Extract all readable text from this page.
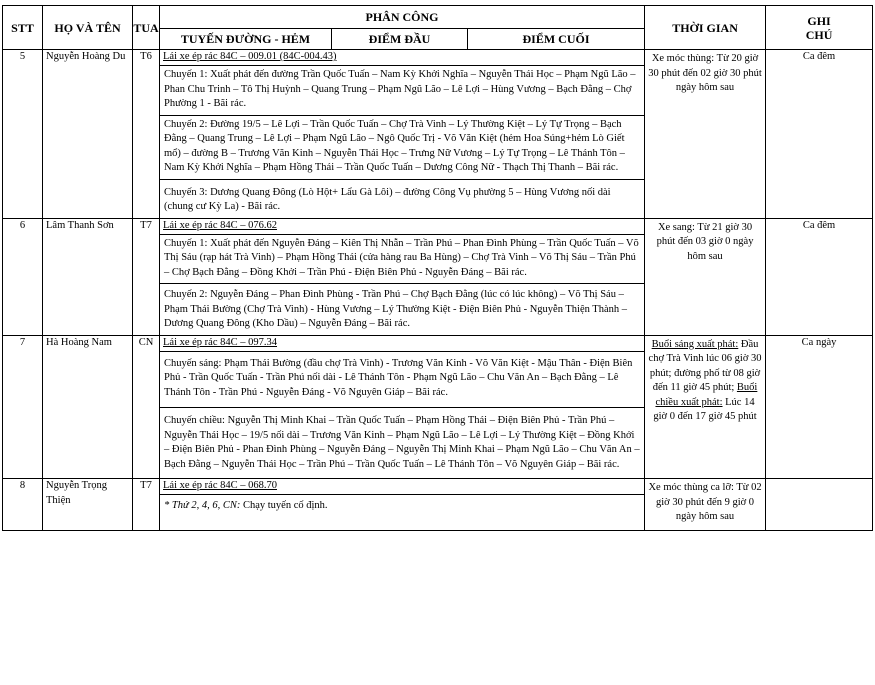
STT	HỌ VÀ TÊN	TUA	PHÂN CÔNG			THỜI GIAN	GHI
CHÚ
			TUYẾN ĐƯỜNG - HẺM	ĐIỂM ĐẦU	ĐIỂM CUỐI		
5	Nguyễn Hoàng Du	T6	Lái xe ép rác 84C – 009.01 (84C-004.43)			Xe móc thùng: Từ 20 giờ 30 phút đến 02 giờ 30 phút ngày hôm sau	Ca đêm
			Chuyến 1: Xuất phát đến đường Trần Quốc Tuấn – Nam Kỳ Khởi Nghĩa – Nguyễn Thái Học – Phạm Ngũ Lão – Phan Chu Trinh – Tô Thị Huỳnh – Quang Trung – Phạm Ngũ Lão – Lê Lợi – Hùng Vương – Bạch Đằng – Chợ Phường 1 - Bãi rác.				
			Chuyến 2: Đường 19/5 – Lê Lợi – Trần Quốc Tuấn – Chợ Trà Vinh – Lý Thường Kiệt – Lý Tự Trọng – Bạch Đằng – Quang Trung – Lê Lợi – Phạm Ngũ Lão – Ngô Quốc Trị - Võ Văn Kiệt (hẻm Hoa Súng+hẻm Lò Giết mổ) – đường B – Trương Văn Kinh – Nguyễn Thái Học – Trưng Nữ Vương – Lý Tự Trọng – Lê Thánh Tôn – Nam Kỳ Khởi Nghĩa – Phạm Hồng Thái – Trần Quốc Tuấn – Dương Công Nữ - Thạch Thị Thanh – Bãi rác.				
			Chuyến 3: Dương Quang Đông (Lò Hột+ Lẩu Gà Lôi) – đường Công Vụ phường 5 – Hùng Vương nối dài (chung cư Kỳ La) - Bãi rác.				
6	Lâm Thanh Sơn	T7	Lái xe ép rác 84C – 076.62			Xe sang: Từ 21 giờ 30 phút đến 03 giờ 0 ngày hôm sau	Ca đêm
			Chuyến 1: Xuất phát đến Nguyễn Đáng – Kiên Thị Nhẫn – Trần Phú – Phan Đình Phùng – Trần Quốc Tuấn – Võ Thị Sáu (rạp hát Trà Vinh) – Phạm Hồng Thái (cửa hàng rau Ba Hùng) – Chợ Trà Vinh – Võ Thị Sáu – Trần Phú – Chợ Bạch Đằng – Đồng Khởi – Trần Phú - Điện Biên Phủ - Nguyễn Đáng – Bãi rác.				
			Chuyến 2: Nguyễn Đáng – Phan Đình Phùng - Trần Phú – Chợ Bạch Đằng (lúc có lúc không) – Võ Thị Sáu – Phạm Thái Bường (Chợ Trà Vinh) - Hùng Vương – Lý Thường Kiệt - Điện Biên Phủ - Nguyễn Thiện Thành – Dương Quang Đông (Kho Dầu) – Nguyễn Đáng – Bãi rác.				
7	Hà Hoàng Nam	CN	Lái xe ép rác 84C – 097.34			Buổi sáng xuất phát: Đầu chợ Trà Vinh lúc 06 giờ 30 phút; đường phố từ 08 giờ đến 11 giờ 45 phút; Buổi chiều xuất phát: Lúc 14 giờ 0 đến 17 giờ 45 phút	Ca ngày
			Chuyến sáng: Phạm Thái Bường (đầu chợ Trà Vinh) - Trương Văn Kinh - Võ Văn Kiệt - Mậu Thân - Điện Biên Phủ - Trần Quốc Tuấn - Trần Phú nối dài - Lê Thánh Tôn - Phạm Ngũ Lão – Chu Văn An – Bạch Đằng – Lê Thánh Tôn - Trần Phú - Nguyễn Đáng - Võ Nguyên Giáp – Bãi rác.				
			Chuyến chiều: Nguyễn Thị Minh Khai – Trần Quốc Tuấn – Phạm Hồng Thái – Điện Biên Phủ - Trần Phú – Nguyễn Thái Học – 19/5 nối dài – Trương Văn Kinh – Phạm Ngũ Lão – Lê Lợi – Lý Thường Kiệt – Đồng Khởi – Điện Biên Phủ - Phan Đình Phùng – Nguyễn Đáng – Nguyễn Thị Minh Khai – Phạm Ngũ Lão – Chu Văn An – Bạch Đằng – Nguyễn Thái Học – Trần Phú – Trần Quốc Tuấn – Lê Thánh Tôn – Võ Nguyên Giáp – Bãi rác.				
8	Nguyễn Trọng Thiện	T7	Lái xe ép rác 84C – 068.70			Xe móc thùng ca lỡ: Từ 02 giờ 30 phút đến 9 giờ 0 ngày hôm sau	
			* Thứ 2, 4, 6, CN: Chạy tuyến cố định.				
